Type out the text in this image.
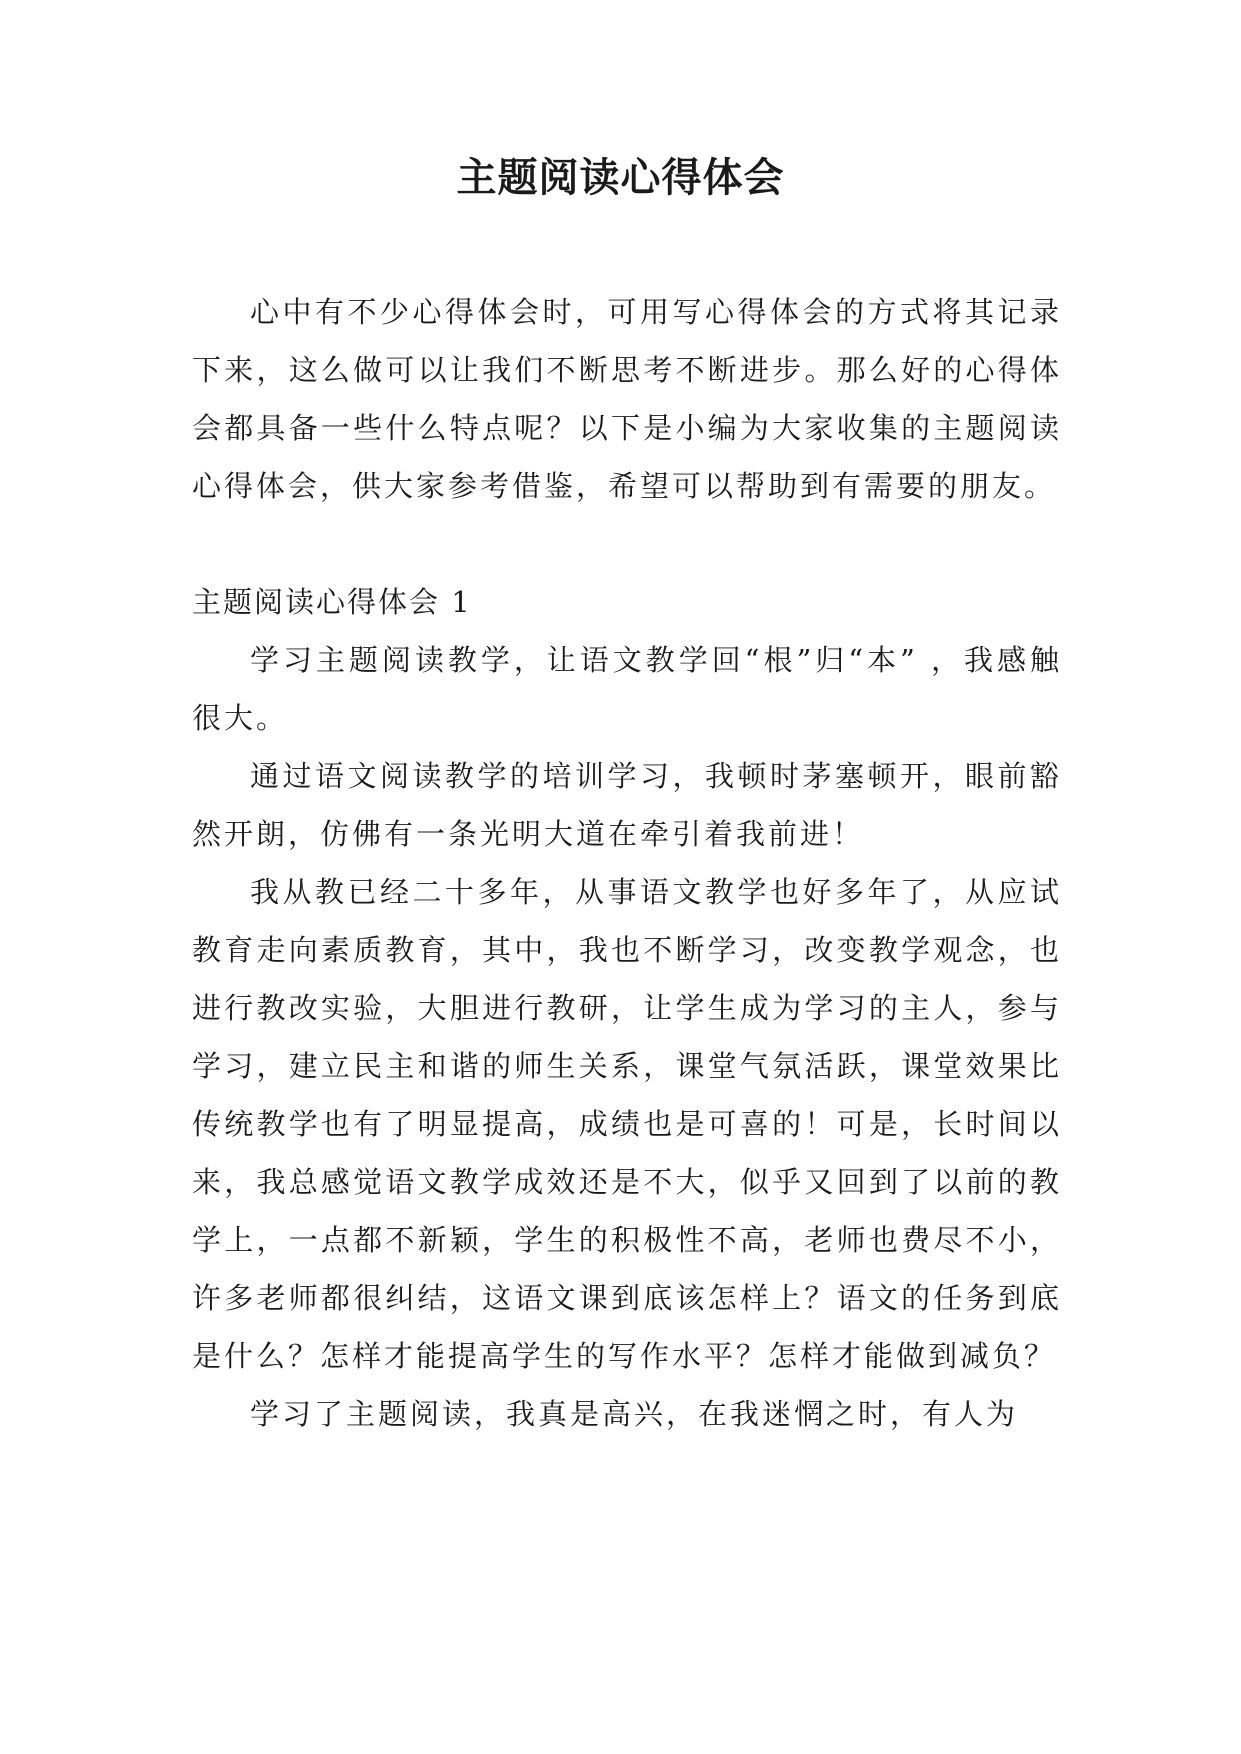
主题阅读心得体会

心中有不少心得体会时，可用写心得体会的方式将其记录下来，这么做可以让我们不断思考不断进步。那么好的心得体会都具备一些什么特点呢？以下是小编为大家收集的主题阅读心得体会，供大家参考借鉴，希望可以帮助到有需要的朋友。

主题阅读心得体会 1

学习主题阅读教学，让语文教学回“根”归“本” ，我感触很大。

通过语文阅读教学的培训学习，我顿时茅塞顿开，眼前豁然开朗，仿佛有一条光明大道在牵引着我前进！

我从教已经二十多年，从事语文教学也好多年了，从应试教育走向素质教育，其中，我也不断学习，改变教学观念，也进行教改实验，大胆进行教研，让学生成为学习的主人，参与学习，建立民主和谐的师生关系，课堂气氛活跃，课堂效果比传统教学也有了明显提高，成绩也是可喜的！可是，长时间以来，我总感觉语文教学成效还是不大，似乎又回到了以前的教学上，一点都不新颖，学生的积极性不高，老师也费尽不小，许多老师都很纠结，这语文课到底该怎样上？语文的任务到底是什么？怎样才能提高学生的写作水平？怎样才能做到减负？

学习了主题阅读，我真是高兴，在我迷惘之时，有人为
